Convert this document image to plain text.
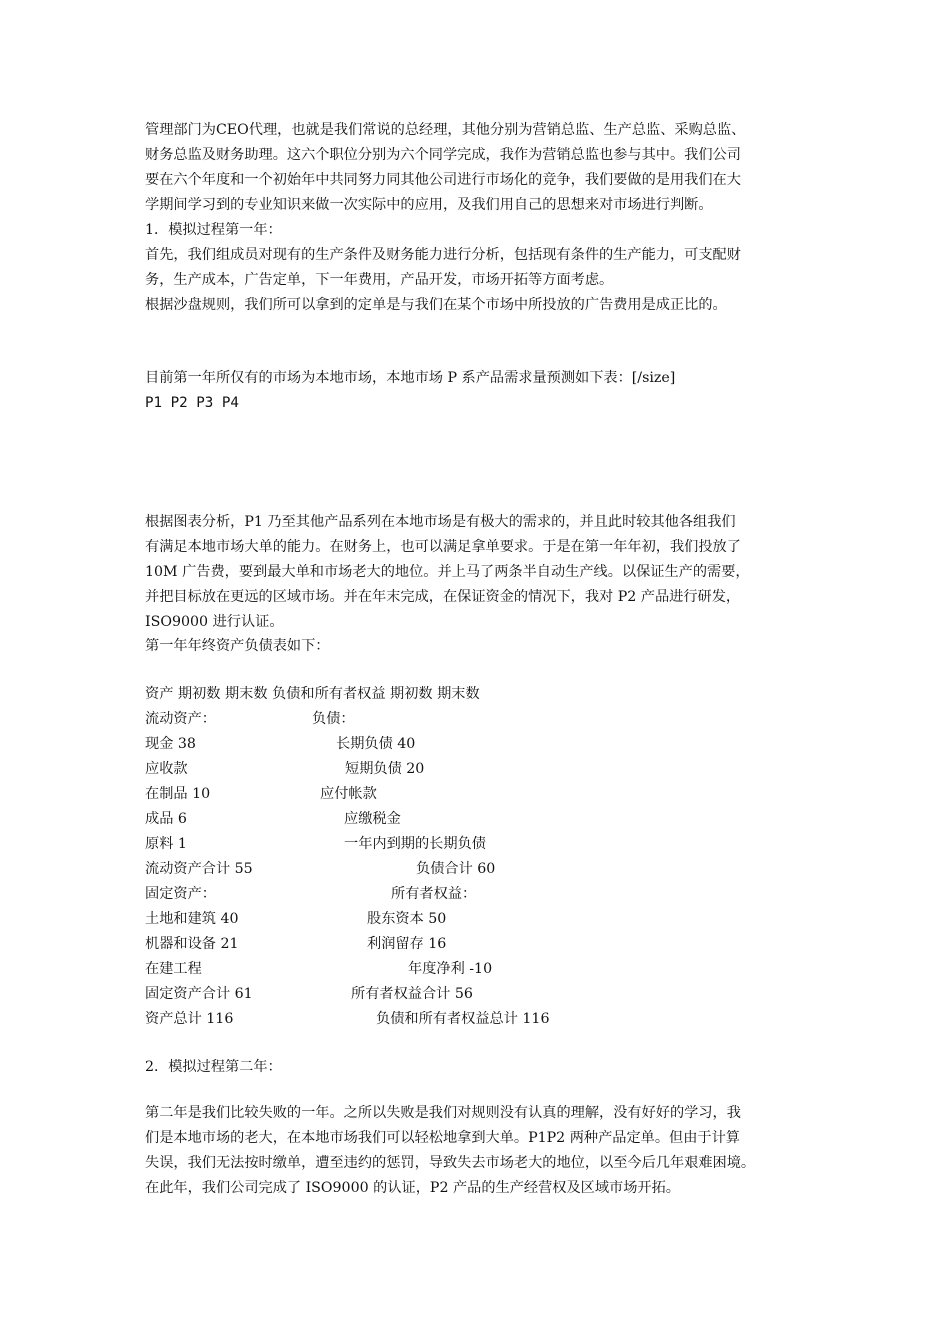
管理部门为CEO代理，也就是我们常说的总经理，其他分别为营销总监、生产总监、采购总监、
财务总监及财务助理。这六个职位分别为六个同学完成，我作为营销总监也参与其中。我们公司
要在六个年度和一个初始年中共同努力同其他公司进行市场化的竞争，我们要做的是用我们在大
学期间学习到的专业知识来做一次实际中的应用，及我们用自己的思想来对市场进行判断。
1．模拟过程第一年：
首先，我们组成员对现有的生产条件及财务能力进行分析，包括现有条件的生产能力，可支配财
务，生产成本，广告定单，下一年费用，产品开发，市场开拓等方面考虑。
根据沙盘规则，我们所可以拿到的定单是与我们在某个市场中所投放的广告费用是成正比的。
目前第一年所仅有的市场为本地市场，本地市场 P 系产品需求量预测如下表：[/size]
P1 P2 P3 P4
根据图表分析，P1 乃至其他产品系列在本地市场是有极大的需求的，并且此时较其他各组我们
有满足本地市场大单的能力。在财务上，也可以满足拿单要求。于是在第一年年初，我们投放了
10M 广告费，要到最大单和市场老大的地位。并上马了两条半自动生产线。以保证生产的需要，
并把目标放在更远的区域市场。并在年末完成，在保证资金的情况下，我对 P2 产品进行研发，
ISO9000 进行认证。
第一年年终资产负债表如下：
资产 期初数 期末数 负债和所有者权益 期初数 期末数
流动资产：	负债：
现金 38	长期负债 40
应收款	短期负债 20
在制品 10	应付帐款
成品 6	应缴税金
原料 1	一年内到期的长期负债
流动资产合计 55	负债合计 60
固定资产：	所有者权益：
土地和建筑 40	股东资本 50
机器和设备 21	利润留存 16
在建工程	年度净利 -10
固定资产合计 61	所有者权益合计 56
资产总计 116	负债和所有者权益总计 116
2．模拟过程第二年：
第二年是我们比较失败的一年。之所以失败是我们对规则没有认真的理解，没有好好的学习，我
们是本地市场的老大，在本地市场我们可以轻松地拿到大单。P1P2 两种产品定单。但由于计算
失误，我们无法按时缴单，遭至违约的惩罚，导致失去市场老大的地位，以至今后几年艰难困境。
在此年，我们公司完成了 ISO9000 的认证，P2 产品的生产经营权及区域市场开拓。
